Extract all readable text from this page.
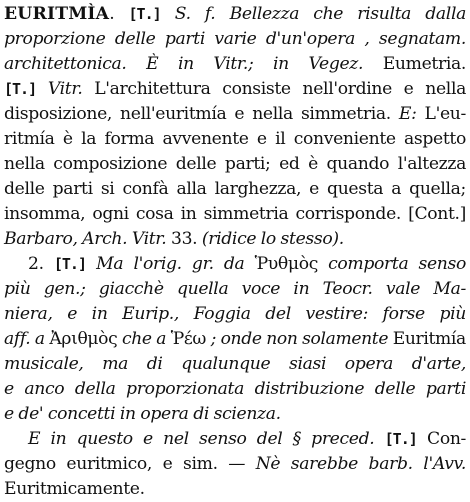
EURITMÌA. [T.] S. f. Bellezza che risulta dalla
proporzione delle parti varie d'un'opera , segnatam.
architettonica. È in Vitr.; in Vegez. Eumetria.
[T.] Vitr. L'architettura consiste nell'ordine e nella
disposizione, nell'euritmía e nella simmetria. E: L'eu-
ritmía è la forma avvenente e il conveniente aspetto
nella composizione delle parti; ed è quando l'altezza
delle parti si confà alla larghezza, e questa a quella;
insomma, ogni cosa in simmetria corrisponde. [Cont.]
Barbaro, Arch. Vitr. 33. (ridice lo stesso).
2. [T.] Ma l'orig. gr. da Ῥυθμὸς comporta senso
più gen.; giacchè quella voce in Teocr. vale Ma-
niera, e in Eurip., Foggia del vestire: forse più
aff. a Ἀριθμὸς che a Ῥέω ; onde non solamente Euritmía
musicale, ma di qualunque siasi opera d'arte,
e anco della proporzionata distribuzione delle parti
e de' concetti in opera di scienza.
E in questo e nel senso del § preced. [T.] Con-
gegno euritmico, e sim. — Nè sarebbe barb. l'Avv.
Euritmicamente.
